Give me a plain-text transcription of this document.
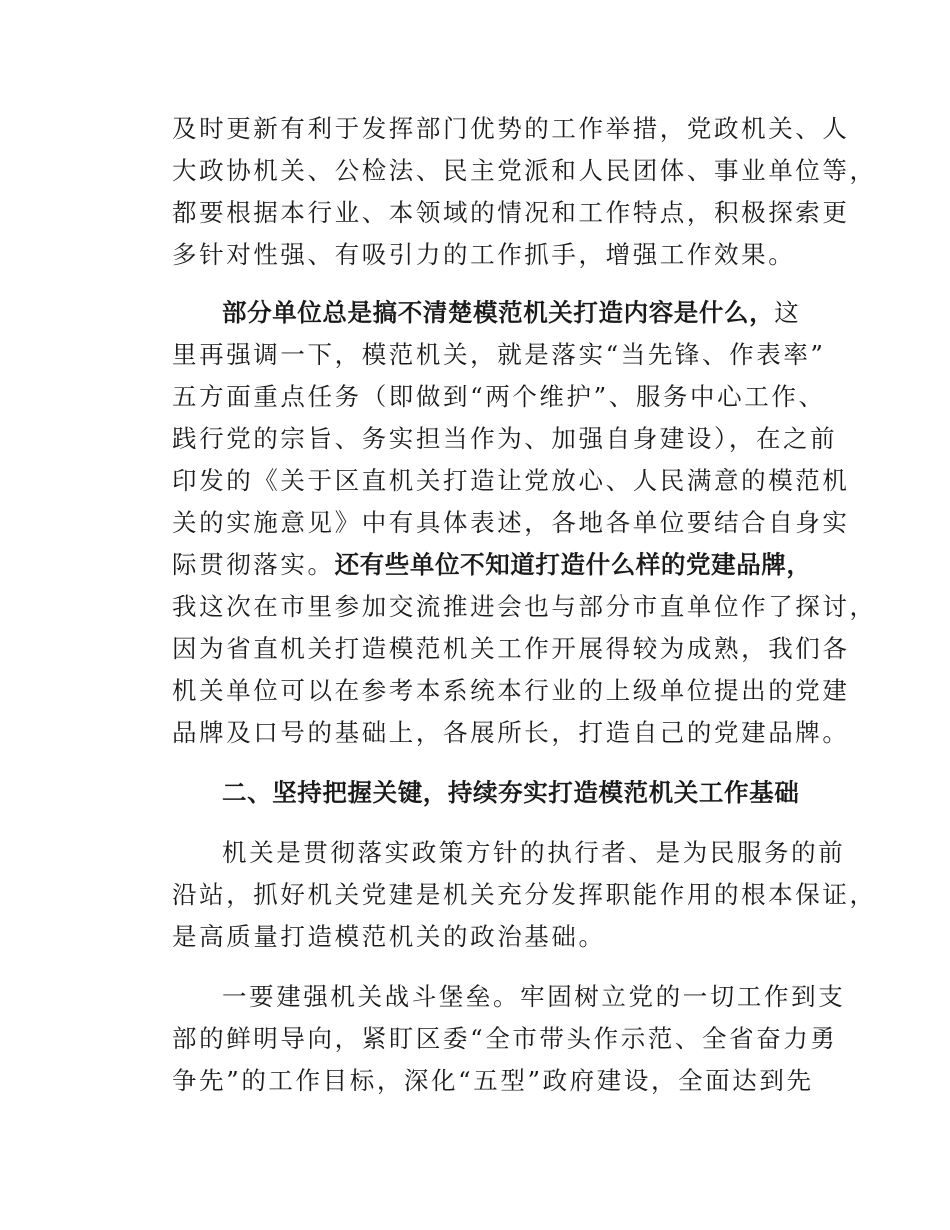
及时更新有利于发挥部门优势的工作举措，党政机关、人
大政协机关、公检法、民主党派和人民团体、事业单位等，
都要根据本行业、本领域的情况和工作特点，积极探索更
多针对性强、有吸引力的工作抓手，增强工作效果。
部分单位总是搞不清楚模范机关打造内容是什么，这
里再强调一下，模范机关，就是落实“当先锋、作表率”
五方面重点任务（即做到“两个维护”、服务中心工作、
践行党的宗旨、务实担当作为、加强自身建设），在之前
印发的《关于区直机关打造让党放心、人民满意的模范机
关的实施意见》中有具体表述，各地各单位要结合自身实
际贯彻落实。还有些单位不知道打造什么样的党建品牌，
我这次在市里参加交流推进会也与部分市直单位作了探讨，
因为省直机关打造模范机关工作开展得较为成熟，我们各
机关单位可以在参考本系统本行业的上级单位提出的党建
品牌及口号的基础上，各展所长，打造自己的党建品牌。
二、坚持把握关键，持续夯实打造模范机关工作基础
机关是贯彻落实政策方针的执行者、是为民服务的前
沿站，抓好机关党建是机关充分发挥职能作用的根本保证，
是高质量打造模范机关的政治基础。
一要建强机关战斗堡垒。牢固树立党的一切工作到支
部的鲜明导向，紧盯区委“全市带头作示范、全省奋力勇
争先”的工作目标，深化“五型”政府建设，全面达到先
